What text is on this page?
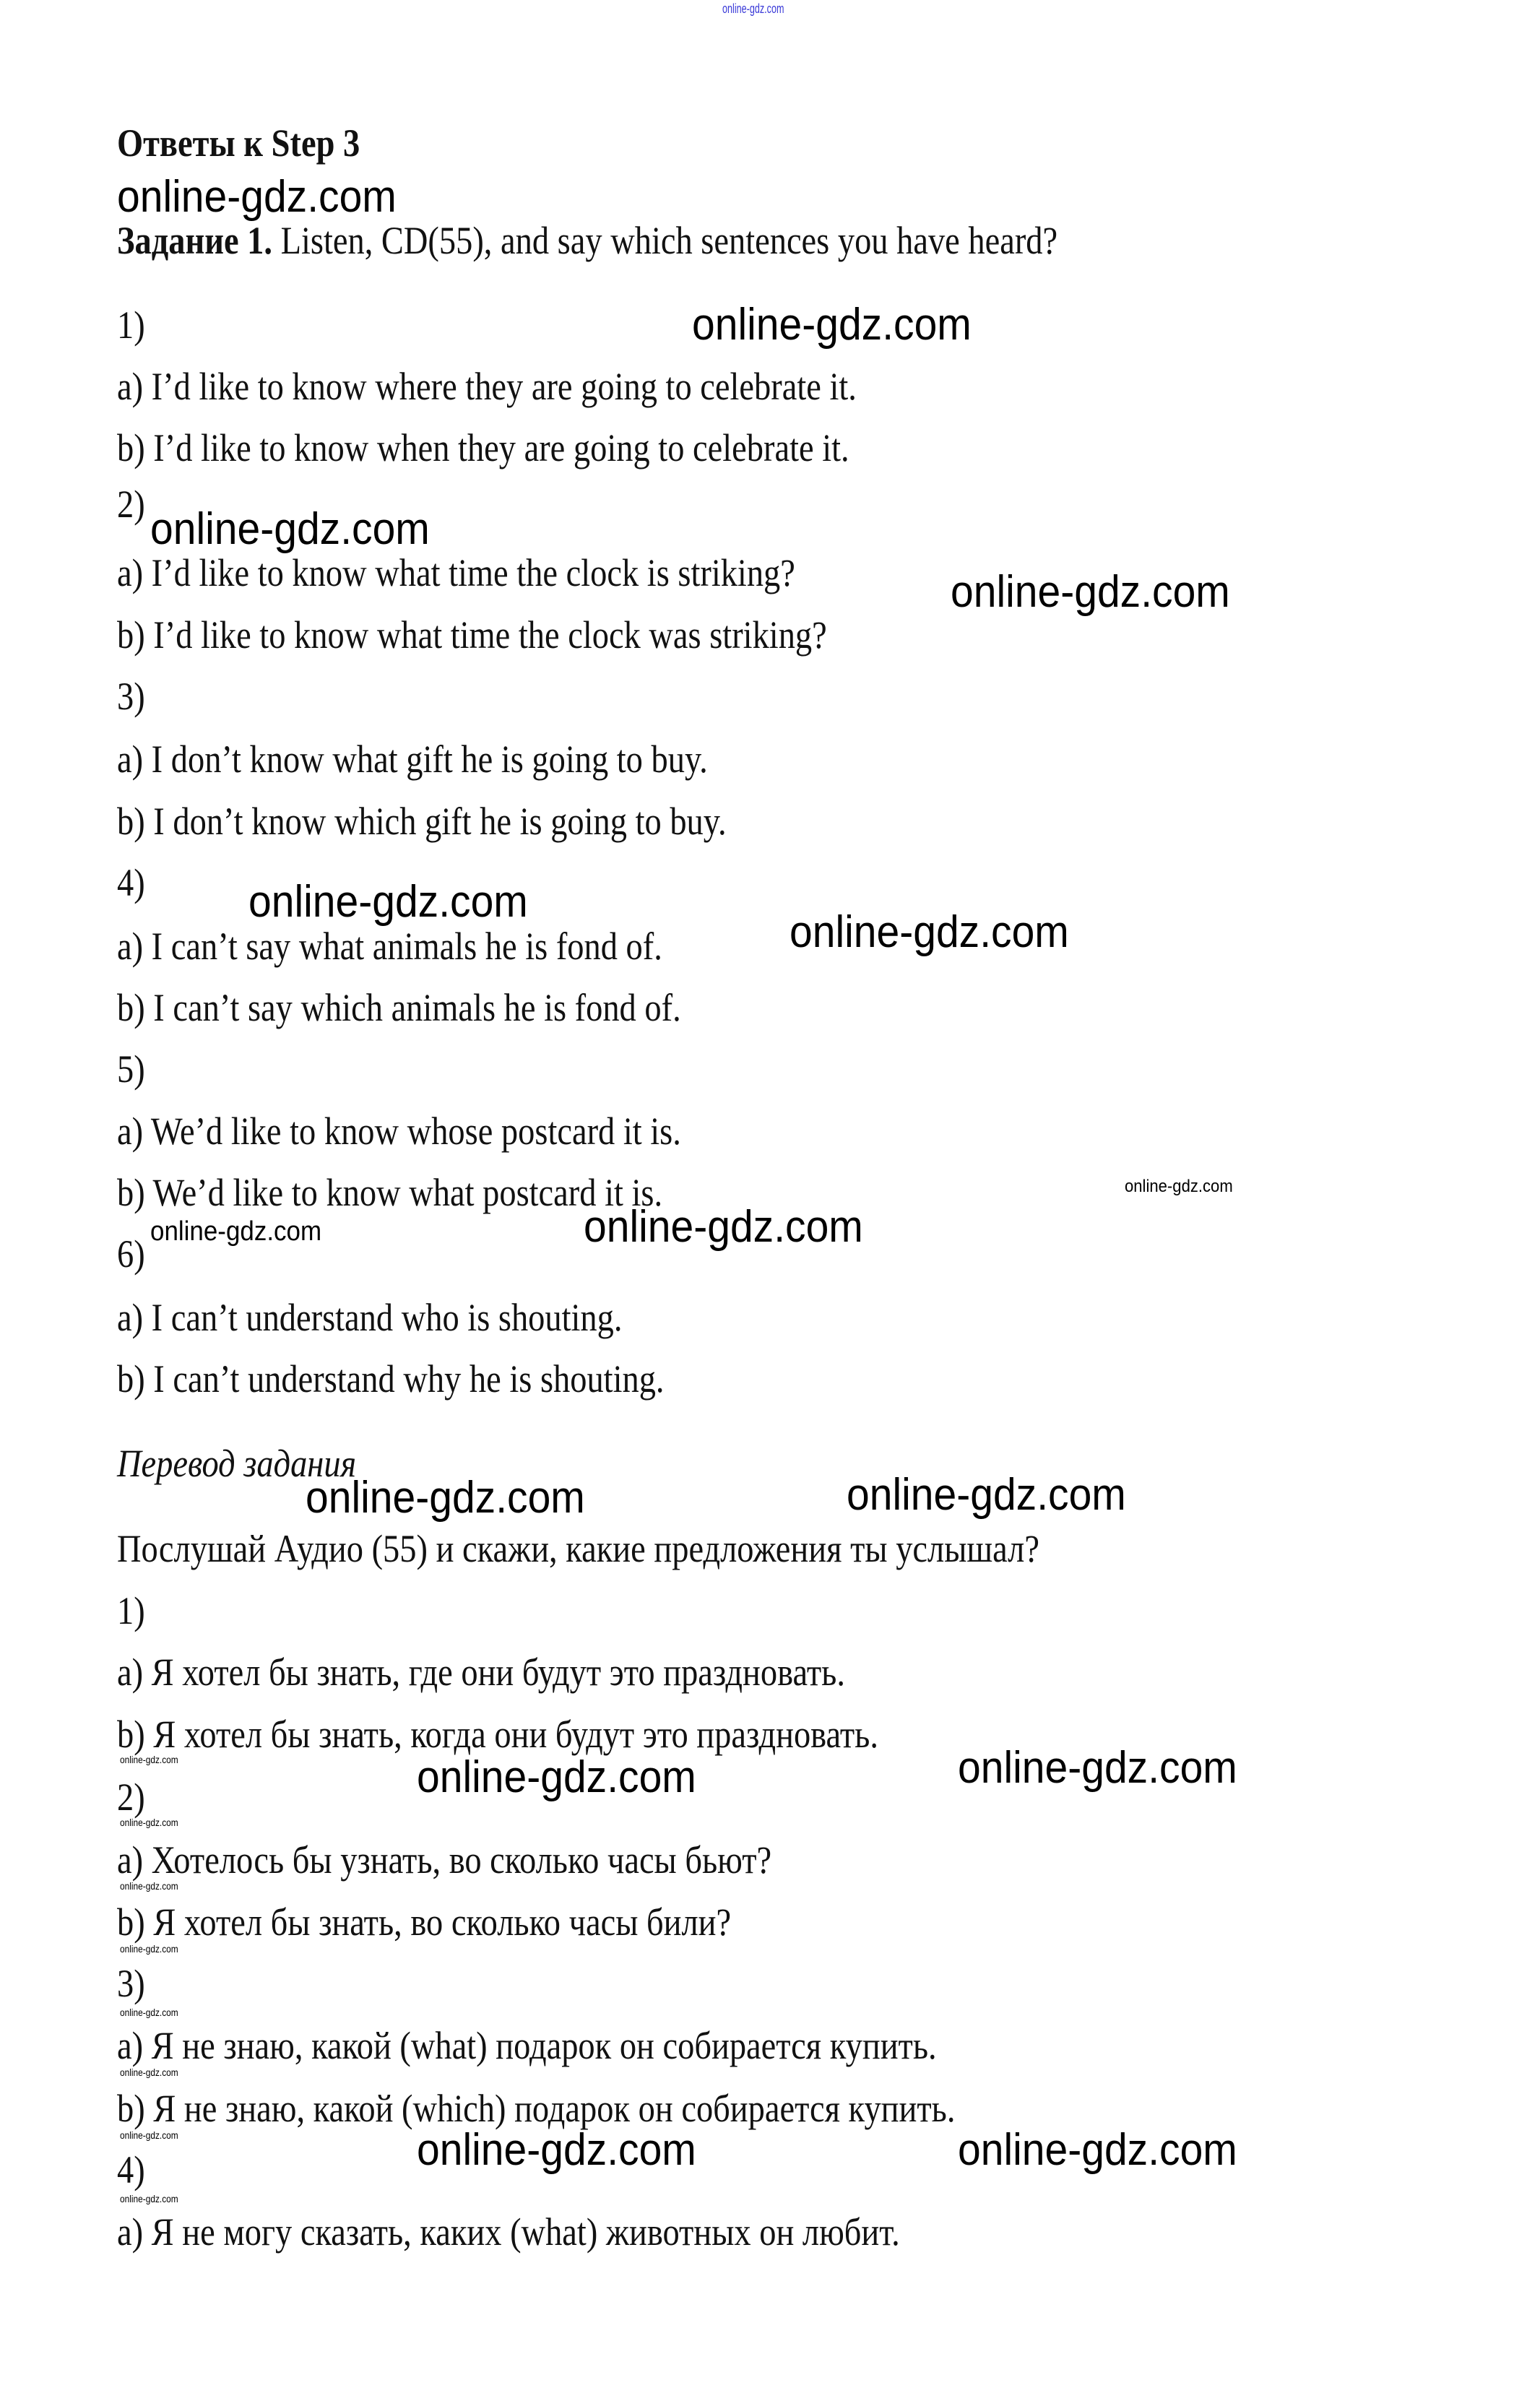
online-gdz.com
Ответы к Step 3
Задание 1. Listen, CD(55), and say which sentences you have heard?
1)
a) I’d like to know where they are going to celebrate it.
b) I’d like to know when they are going to celebrate it.
2)
a) I’d like to know what time the clock is striking?
b) I’d like to know what time the clock was striking?
3)
a) I don’t know what gift he is going to buy.
b) I don’t know which gift he is going to buy.
4)
a) I can’t say what animals he is fond of.
b) I can’t say which animals he is fond of.
5)
a) We’d like to know whose postcard it is.
b) We’d like to know what postcard it is.
6)
a) I can’t understand who is shouting.
b) I can’t understand why he is shouting.
Перевод задания
Послушай Аудио (55) и скажи, какие предложения ты услышал?
1)
a) Я хотел бы знать, где они будут это праздновать.
b) Я хотел бы знать, когда они будут это праздновать.
2)
a) Хотелось бы узнать, во сколько часы бьют?
b) Я хотел бы знать, во сколько часы били?
3)
a) Я не знаю, какой (what) подарок он собирается купить.
b) Я не знаю, какой (which) подарок он собирается купить.
4)
a) Я не могу сказать, каких (what) животных он любит.
online-gdz.com
online-gdz.com
online-gdz.com
online-gdz.com
online-gdz.com
online-gdz.com
online-gdz.com
online-gdz.com	online-gdz.com
online-gdz.com	online-gdz.com
online-gdz.com	online-gdz.com
online-gdz.com
online-gdz.com
online-gdz.com
online-gdz.com
online-gdz.com
online-gdz.com
online-gdz.com
online-gdz.com
online-gdz.com
online-gdz.com
